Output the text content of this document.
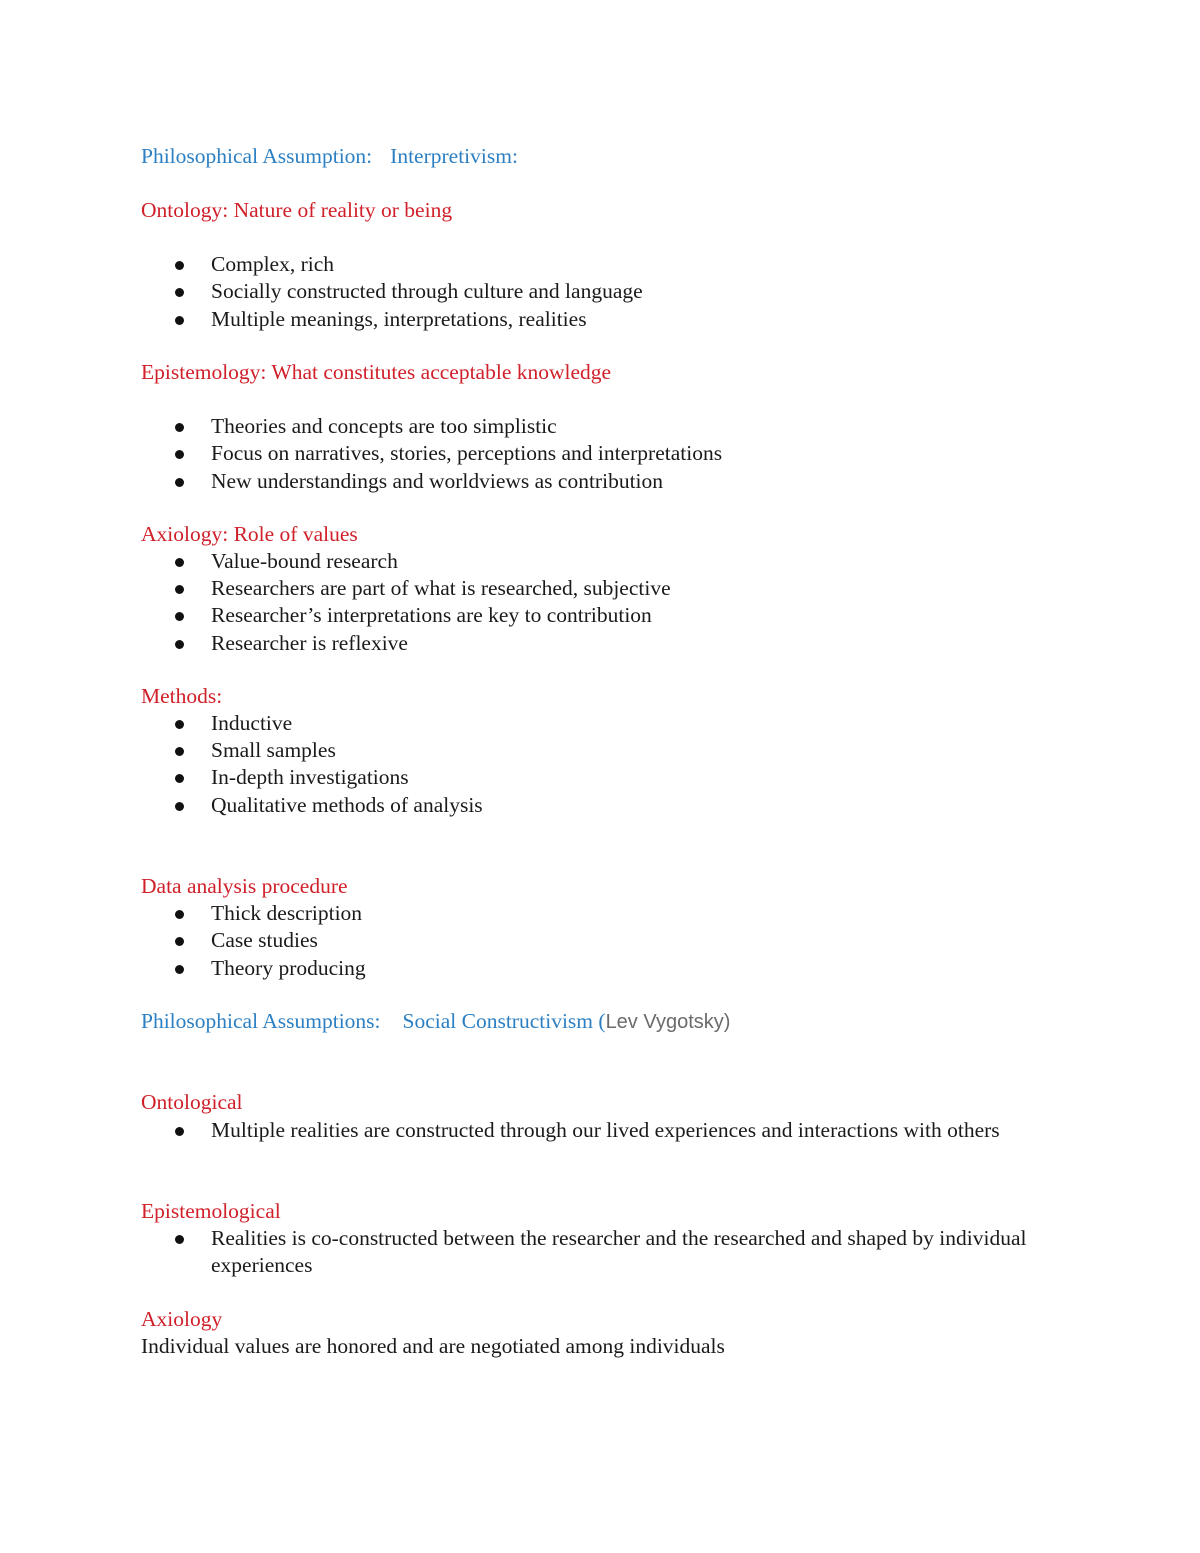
Philosophical Assumption: Interpretivism:
Ontology: Nature of reality or being
Complex, rich
Socially constructed through culture and language
Multiple meanings, interpretations, realities
Epistemology: What constitutes acceptable knowledge
Theories and concepts are too simplistic
Focus on narratives, stories, perceptions and interpretations
New understandings and worldviews as contribution
Axiology: Role of values
Value-bound research
Researchers are part of what is researched, subjective
Researcher’s interpretations are key to contribution
Researcher is reflexive
Methods:
Inductive
Small samples
In-depth investigations
Qualitative methods of analysis
Data analysis procedure
Thick description
Case studies
Theory producing
Philosophical Assumptions: Social Constructivism (Lev Vygotsky)
Ontological
Multiple realities are constructed through our lived experiences and interactions with others
Epistemological
Realities is co-constructed between the researcher and the researched and shaped by individual experiences
Axiology
Individual values are honored and are negotiated among individuals
